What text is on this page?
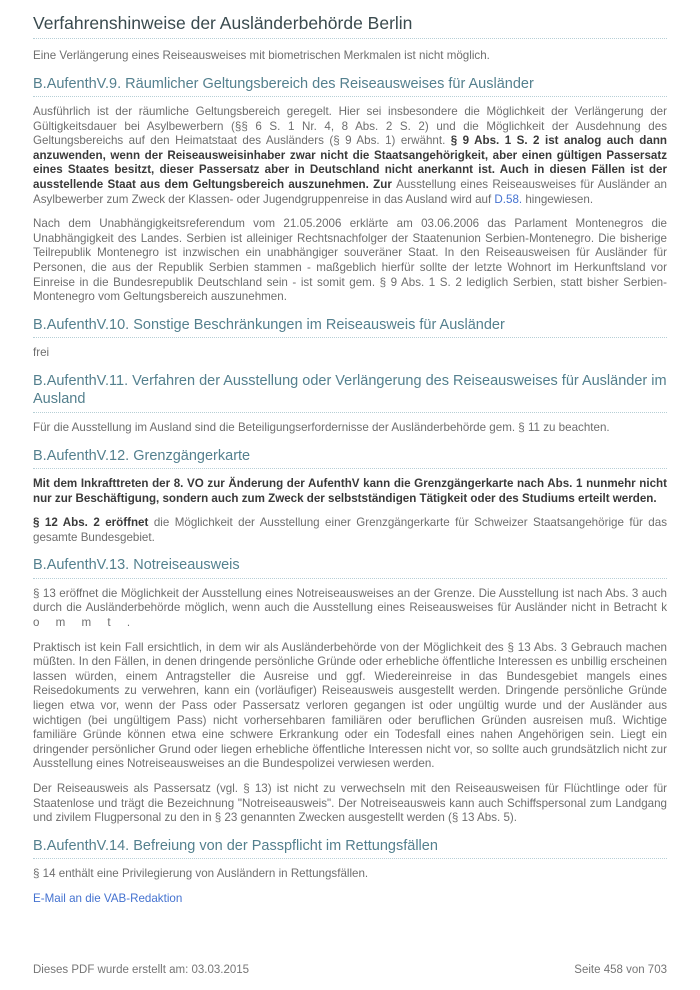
Verfahrenshinweise der Ausländerbehörde Berlin

Eine Verlängerung eines Reiseausweises mit biometrischen Merkmalen ist nicht möglich.

B.AufenthV.9. Räumlicher Geltungsbereich des Reiseausweises für Ausländer

Ausführlich ist der räumliche Geltungsbereich geregelt. Hier sei insbesondere die Möglichkeit der Verlängerung der Gültigkeitsdauer bei Asylbewerbern (§§ 6 S. 1 Nr. 4, 8 Abs. 2 S. 2) und die Möglichkeit der Ausdehnung des Geltungsbereichs auf den Heimatstaat des Ausländers (§ 9 Abs. 1) erwähnt. § 9 Abs. 1 S. 2 ist analog auch dann anzuwenden, wenn der Reiseausweisinhaber zwar nicht die Staatsangehörigkeit, aber einen gültigen Passersatz eines Staates besitzt, dieser Passersatz aber in Deutschland nicht anerkannt ist. Auch in diesen Fällen ist der ausstellende Staat aus dem Geltungsbereich auszunehmen. Zur Ausstellung eines Reiseausweises für Ausländer an Asylbewerber zum Zweck der Klassen- oder Jugendgruppenreise in das Ausland wird auf D.58. hingewiesen.

Nach dem Unabhängigkeitsreferendum vom 21.05.2006 erklärte am 03.06.2006 das Parlament Montenegros die Unabhängigkeit des Landes. Serbien ist alleiniger Rechtsnachfolger der Staatenunion Serbien-Montenegro. Die bisherige Teilrepublik Montenegro ist inzwischen ein unabhängiger souveräner Staat. In den Reiseausweisen für Ausländer für Personen, die aus der Republik Serbien stammen - maßgeblich hierfür sollte der letzte Wohnort im Herkunftsland vor Einreise in die Bundesrepublik Deutschland sein - ist somit gem. § 9 Abs. 1 S. 2 lediglich Serbien, statt bisher Serbien-Montenegro vom Geltungsbereich auszunehmen.

B.AufenthV.10. Sonstige Beschränkungen im Reiseausweis für Ausländer

frei

B.AufenthV.11. Verfahren der Ausstellung oder Verlängerung des Reiseausweises für Ausländer im Ausland

Für die Ausstellung im Ausland sind die Beteiligungserfordernisse der Ausländerbehörde gem. § 11 zu beachten.

B.AufenthV.12. Grenzgängerkarte

Mit dem Inkrafttreten der 8. VO zur Änderung der AufenthV kann die Grenzgängerkarte nach Abs. 1 nunmehr nicht nur zur Beschäftigung, sondern auch zum Zweck der selbstständigen Tätigkeit oder des Studiums erteilt werden.

§ 12 Abs. 2 eröffnet die Möglichkeit der Ausstellung einer Grenzgängerkarte für Schweizer Staatsangehörige für das gesamte Bundesgebiet.

B.AufenthV.13. Notreiseausweis

§ 13 eröffnet die Möglichkeit der Ausstellung eines Notreiseausweises an der Grenze. Die Ausstellung ist nach Abs. 3 auch durch die Ausländerbehörde möglich, wenn auch die Ausstellung eines Reiseausweises für Ausländer nicht in Betracht k o m m t .

Praktisch ist kein Fall ersichtlich, in dem wir als Ausländerbehörde von der Möglichkeit des § 13 Abs. 3 Gebrauch machen müßten. In den Fällen, in denen dringende persönliche Gründe oder erhebliche öffentliche Interessen es unbillig erscheinen lassen würden, einem Antragsteller die Ausreise und ggf. Wiedereinreise in das Bundesgebiet mangels eines Reisedokuments zu verwehren, kann ein (vorläufiger) Reiseausweis ausgestellt werden. Dringende persönliche Gründe liegen etwa vor, wenn der Pass oder Passersatz verloren gegangen ist oder ungültig wurde und der Ausländer aus wichtigen (bei ungültigem Pass) nicht vorhersehbaren familiären oder beruflichen Gründen ausreisen muß. Wichtige familiäre Gründe können etwa eine schwere Erkrankung oder ein Todesfall eines nahen Angehörigen sein. Liegt ein dringender persönlicher Grund oder liegen erhebliche öffentliche Interessen nicht vor, so sollte auch grundsätzlich nicht zur Ausstellung eines Notreiseausweises an die Bundespolizei verwiesen werden.

Der Reiseausweis als Passersatz (vgl. § 13) ist nicht zu verwechseln mit den Reiseausweisen für Flüchtlinge oder für Staatenlose und trägt die Bezeichnung "Notreiseausweis". Der Notreiseausweis kann auch Schiffspersonal zum Landgang und zivilem Flugpersonal zu den in § 23 genannten Zwecken ausgestellt werden (§ 13 Abs. 5).

B.AufenthV.14. Befreiung von der Passpflicht im Rettungsfällen

§ 14 enthält eine Privilegierung von Ausländern in Rettungsfällen.

E-Mail an die VAB-Redaktion

Dieses PDF wurde erstellt am: 03.03.2015	Seite 458 von 703
